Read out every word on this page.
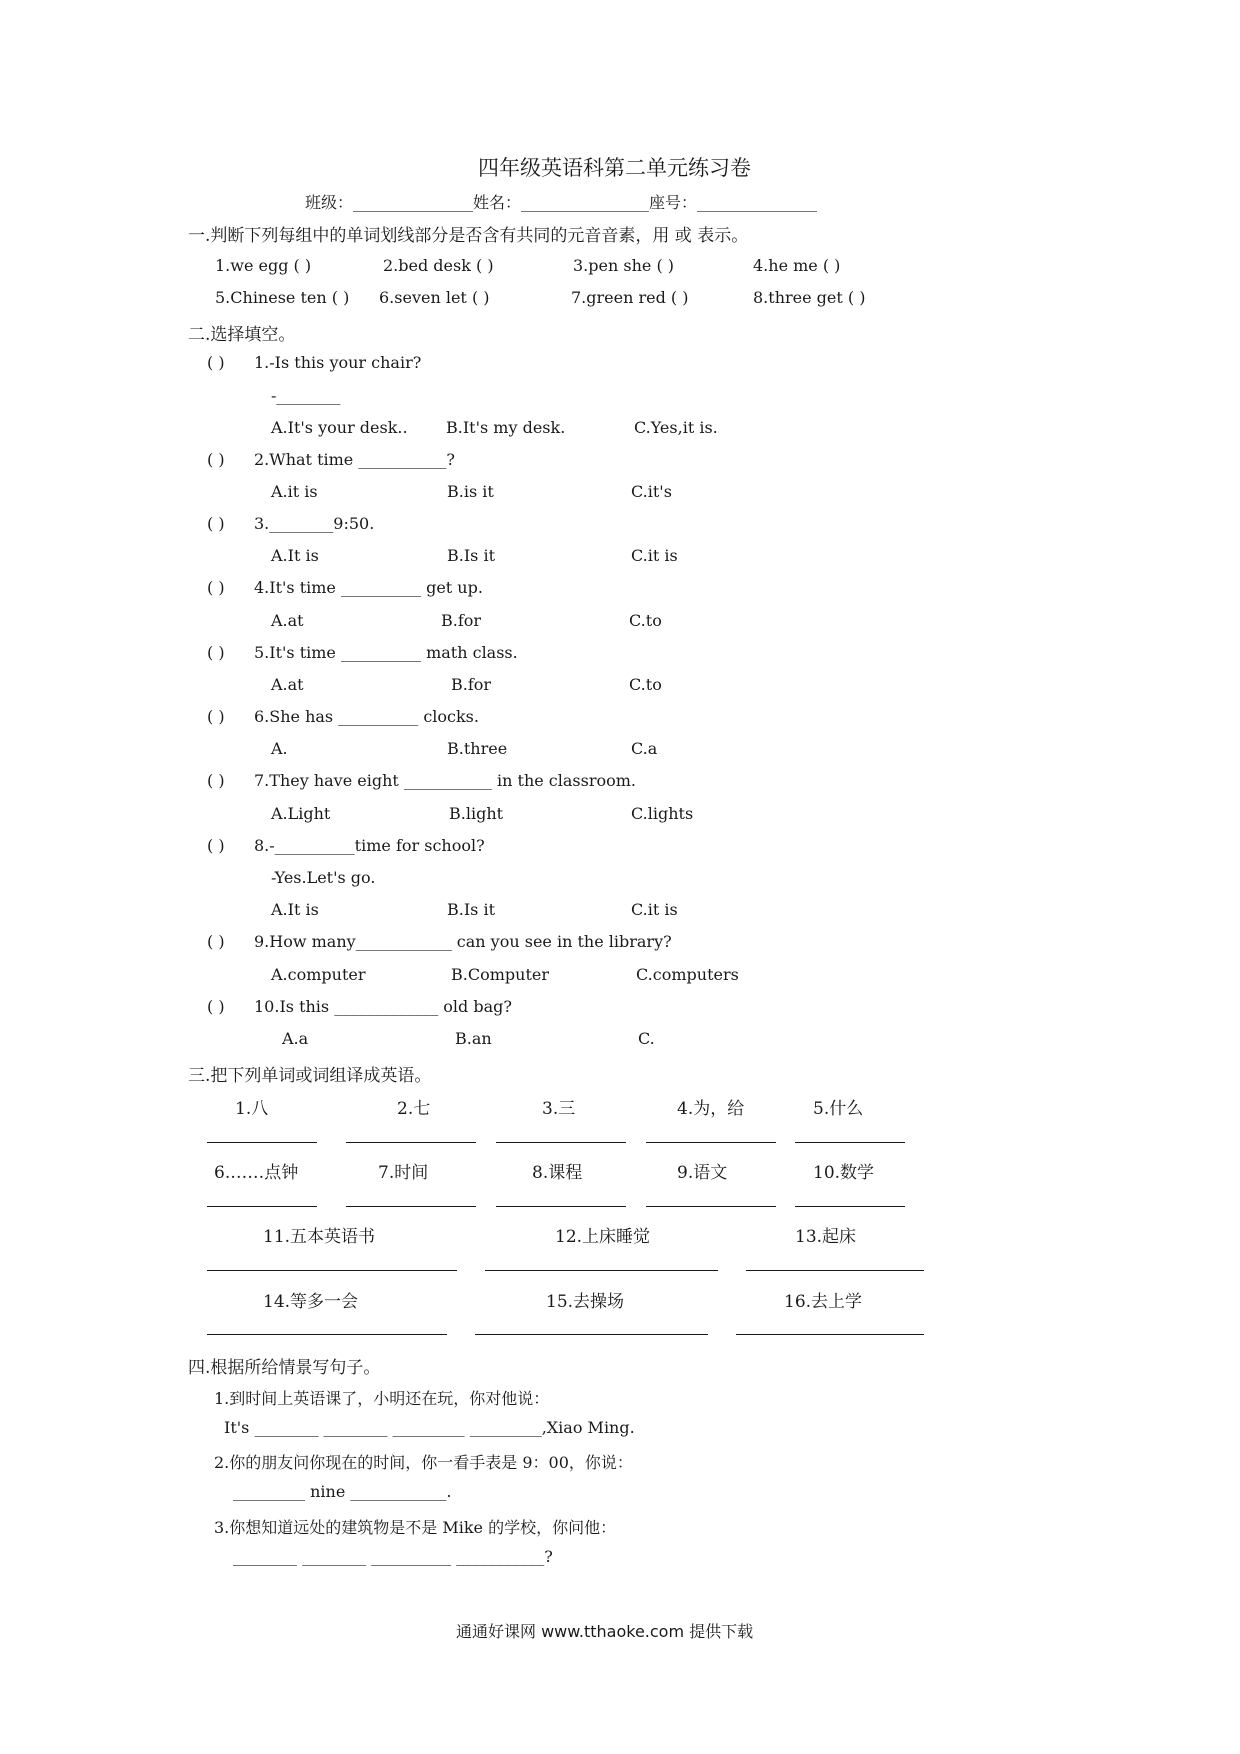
四年级英语科第二单元练习卷
班级：_______________姓名：________________座号：_______________
一.判断下列每组中的单词划线部分是否含有共同的元音音素，用 或 表示。
1.we egg ( )	2.bed desk ( )	3.pen she ( )	4.he me ( )
5.Chinese ten ( ) 6.seven let ( )	7.green red ( )	8.three get ( )
二.选择填空。
( ) 1.-Is this your chair?
-________
A.It's your desk.. B.It's my desk.	C.Yes,it is.
( ) 2.What time ___________?
A.it is	B.is it	C.it's
( ) 3.________9:50.
A.It is	B.Is it	C.it is
( ) 4.It's time __________ get up.
A.at	B.for	C.to
( ) 5.It's time __________ math class.
A.at	B.for	C.to
( ) 6.She has __________ clocks.
A.	B.three	C.a
( ) 7.They have eight ___________ in the classroom.
A.Light	B.light	C.lights
( ) 8.-__________time for school?
-Yes.Let's go.
A.It is	B.Is it	C.it is
( ) 9.How many____________ can you see in the library?
A.computer	B.Computer	C.computers
( ) 10.Is this _____________ old bag?
A.a	B.an	C.
三.把下列单词或词组译成英语。
1.八	2.七	3.三	4.为，给	5.什么
6.……点钟	7.时间	8.课程	9.语文	10.数学
11.五本英语书	12.上床睡觉	13.起床
14.等多一会	15.去操场	16.去上学
四.根据所给情景写句子。
1.到时间上英语课了，小明还在玩，你对他说：
It's ________ ________ _________ _________,Xiao Ming.
2.你的朋友问你现在的时间，你一看手表是 9：00，你说：
_________ nine ____________.
3.你想知道远处的建筑物是不是 Mike 的学校，你问他：
________ ________ __________ ___________?
通通好课网 www.tthaoke.com 提供下载
